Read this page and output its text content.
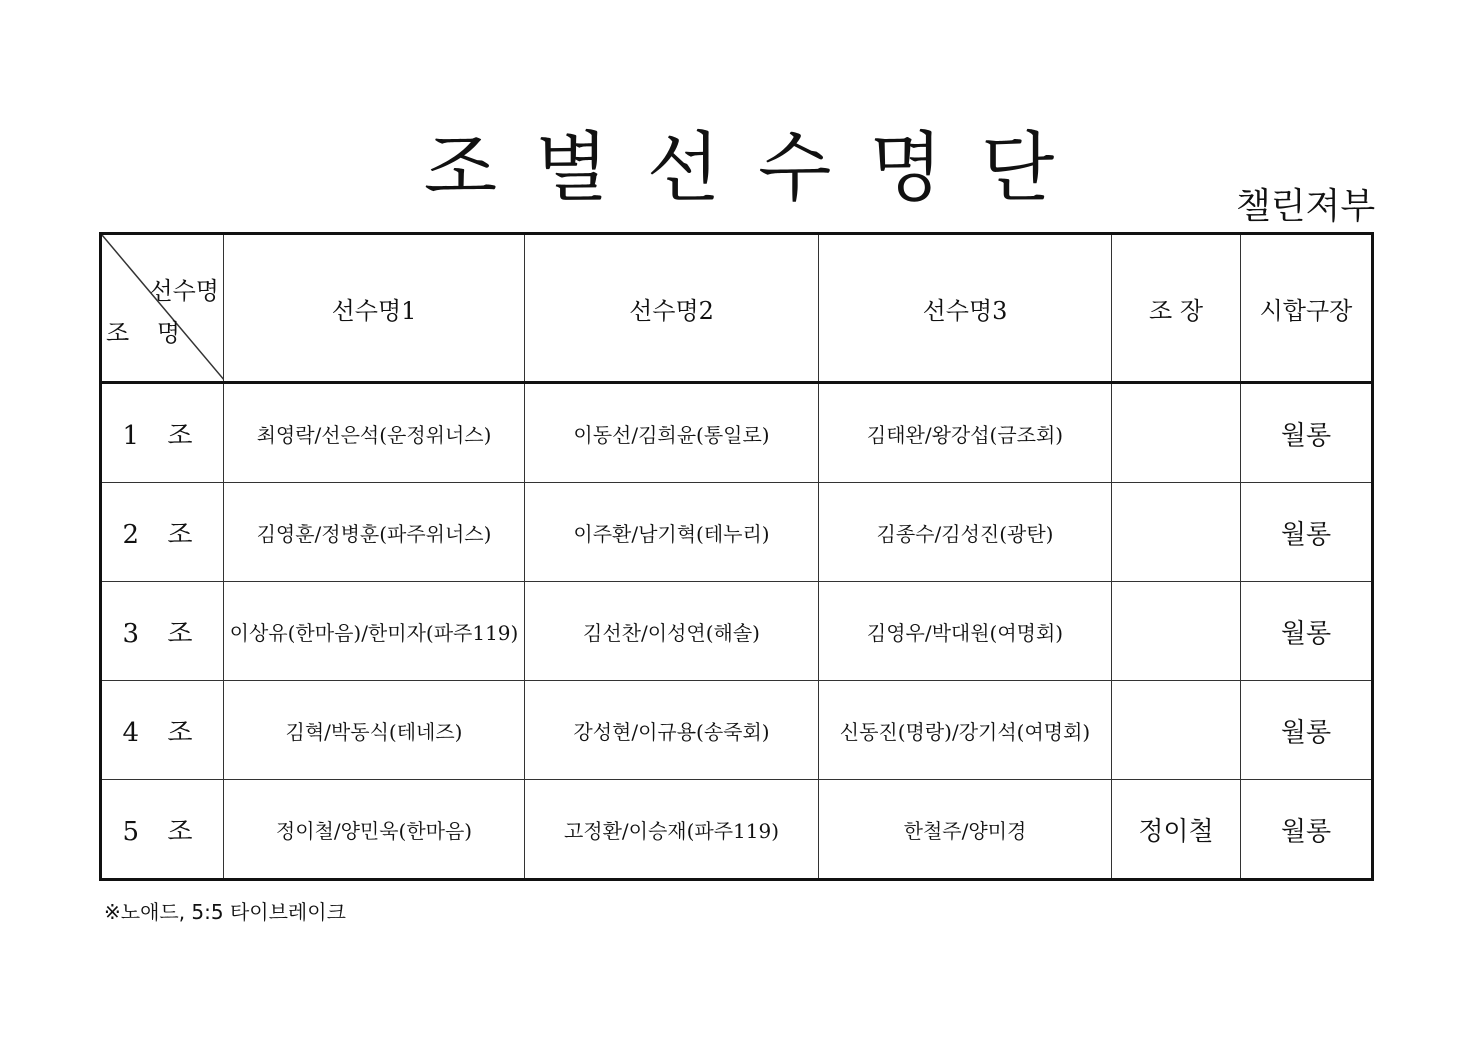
조별선수명단	챌린져부
선수명
조 명	선수명1	선수명2	선수명3	조 장	시합구장
1 조	최영락/선은석(운정위너스)	이동선/김희윤(통일로)	김태완/왕강섭(금조회)		월롱
2 조	김영훈/정병훈(파주위너스)	이주환/남기혁(테누리)	김종수/김성진(광탄)		월롱
3 조	이상유(한마음)/한미자(파주119)	김선찬/이성연(해솔)	김영우/박대원(여명회)		월롱
4 조	김혁/박동식(테네즈)	강성현/이규용(송죽회)	신동진(명랑)/강기석(여명회)		월롱
5 조	정이철/양민욱(한마음)	고정환/이승재(파주119)	한철주/양미경	정이철	월롱
※노애드, 5:5 타이브레이크
